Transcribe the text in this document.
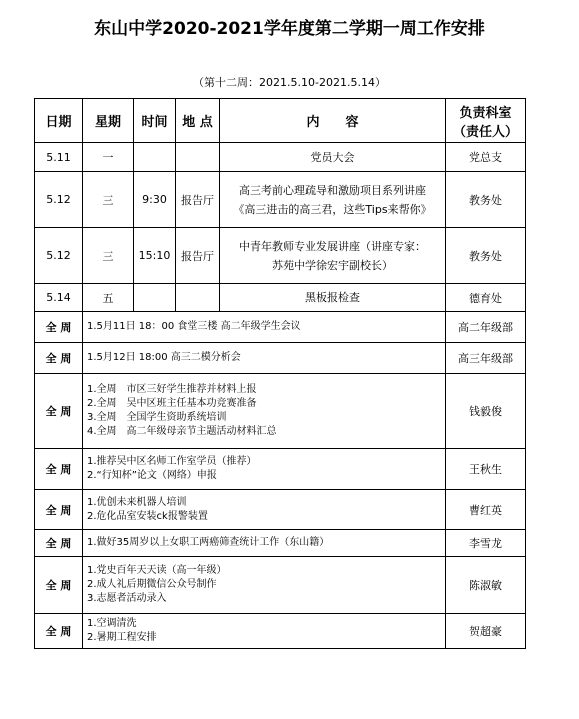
东山中学2020-2021学年度第二学期一周工作安排
（第十二周：2021.5.10-2021.5.14）
日期	星期	时间	地 点	内　　容	负责科室
（责任人）

5.11	一			党员大会	党总支
5.12	三	9:30	报告厅	高三考前心理疏导和激励项目系列讲座
《高三进击的高三君，这些Tips来帮你》	教务处
5.12	三	15:10	报告厅	中青年教师专业发展讲座（讲座专家：
苏苑中学徐宏宇副校长）	教务处
5.14	五			黑板报检查	德育处
全 周	1.5月11日 18：00 食堂三楼 高二年级学生会议				高二年级部
全 周	1.5月12日 18:00 高三二模分析会				高三年级部
全 周	1.全周　市区三好学生推荐并材料上报
2.全周　吴中区班主任基本功竞赛准备
3.全周　全国学生资助系统培训
4.全周　高二年级母亲节主题活动材料汇总				钱毅俊
全 周	1.推荐吴中区名师工作室学员（推荐）
2.“行知杯”论文（网络）申报				王秋生
全 周	1.优创未来机器人培训
2.危化品室安装ck报警装置				曹红英
全 周	1.做好35周岁以上女职工两癌筛查统计工作（东山籍）				李雪龙
全 周	1.党史百年天天读（高一年级）
2.成人礼后期微信公众号制作
3.志愿者活动录入				陈淑敏
全 周	1.空调清洗
2.暑期工程安排				贺超豪
